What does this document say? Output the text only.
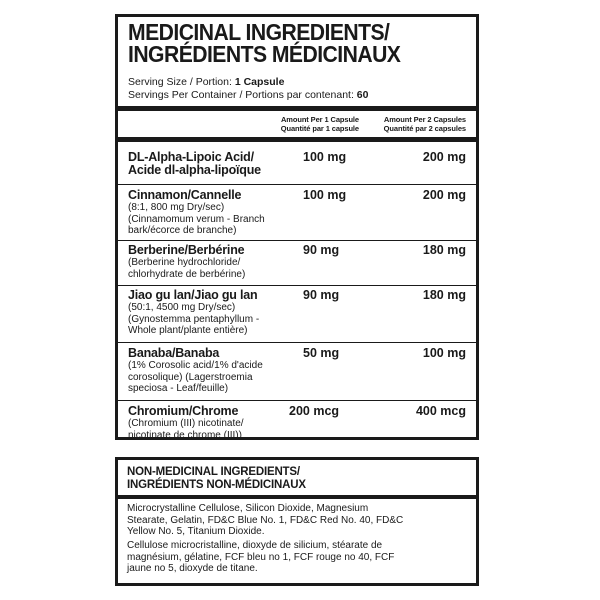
MEDICINAL INGREDIENTS/
INGRÉDIENTS MÉDICINAUX
Serving Size / Portion: 1 Capsule
Servings Per Container / Portions par contenant: 60
Amount Per 1 Capsule
Quantité par 1 capsule
Amount Per 2 Capsules
Quantité par 2 capsules
DL-Alpha-Lipoic Acid/
Acide dl-alpha-lipoïque
100 mg	200 mg
Cinnamon/Cannelle
(8:1, 800 mg Dry/sec)
(Cinnamomum verum - Branch
bark/écorce de branche)
100 mg	200 mg
Berberine/Berbérine
(Berberine hydrochloride/
chlorhydrate de berbérine)
90 mg	180 mg
Jiao gu lan/Jiao gu lan
(50:1, 4500 mg Dry/sec)
(Gynostemma pentaphyllum -
Whole plant/plante entière)
90 mg	180 mg
Banaba/Banaba
(1% Corosolic acid/1% d'acide
corosolique) (Lagerstroemia
speciosa - Leaf/feuille)
50 mg	100 mg
Chromium/Chrome
(Chromium (III) nicotinate/
nicotinate de chrome (III))
200 mcg	400 mcg
NON-MEDICINAL INGREDIENTS/
INGRÉDIENTS NON-MÉDICINAUX
Microcrystalline Cellulose, Silicon Dioxide, Magnesium
Stearate, Gelatin, FD&C Blue No. 1, FD&C Red No. 40, FD&C
Yellow No. 5, Titanium Dioxide.
Cellulose microcristalline, dioxyde de silicium, stéarate de
magnésium, gélatine, FCF bleu no 1, FCF rouge no 40, FCF
jaune no 5, dioxyde de titane.
